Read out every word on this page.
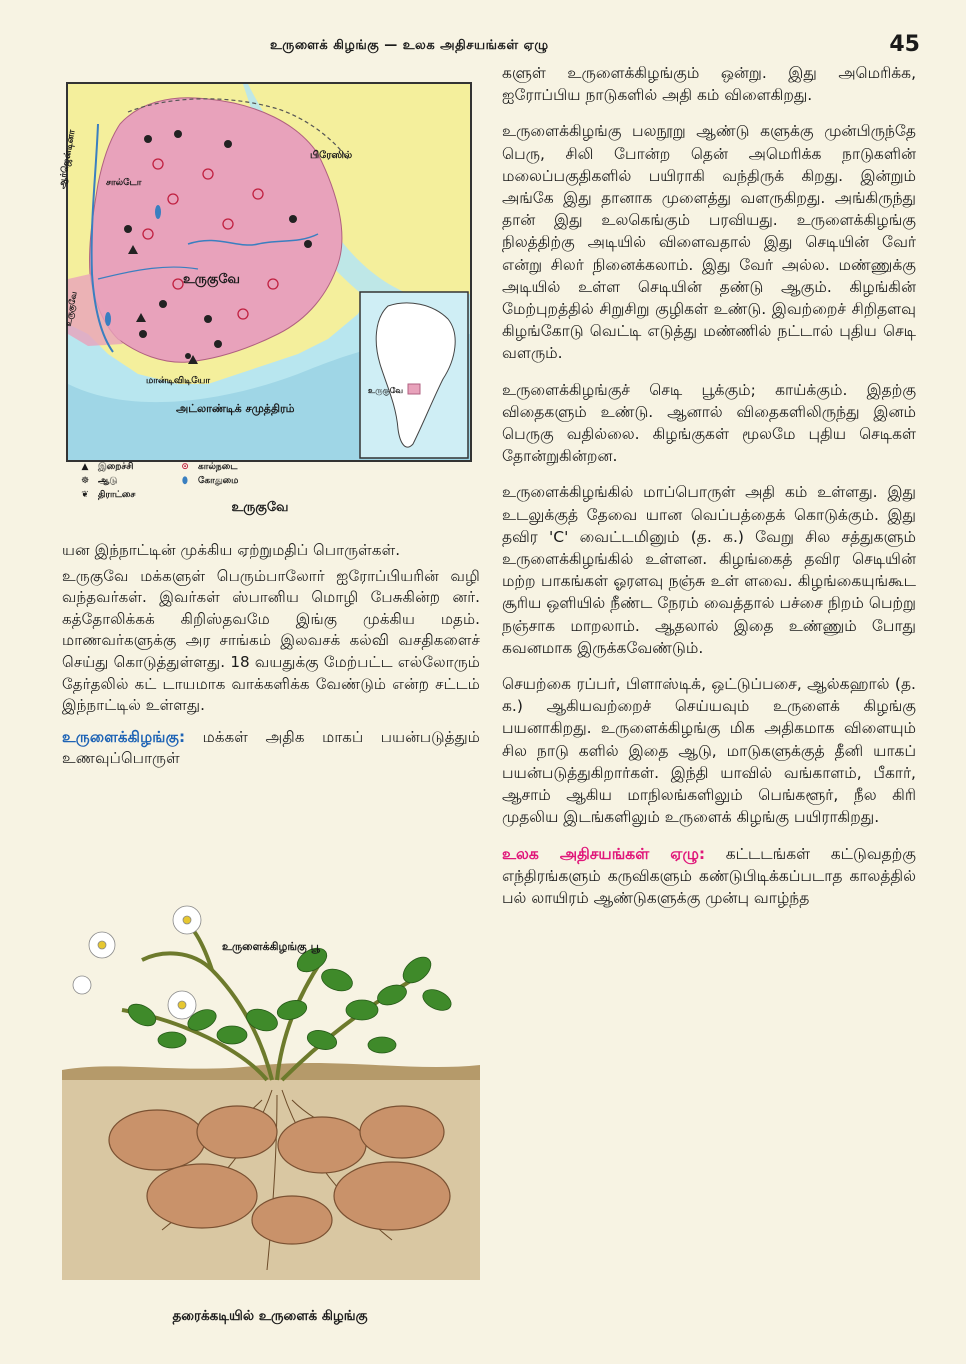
உருளைக் கிழங்கு — உலக அதிசயங்கள் ஏழு	45
பிரேஸில்
ஆர்ஜென்டினா	சால்டோ
உருகுவே
உருகுவே
மான்டிவிடியோ
அட்லாண்டிக் சமுத்திரம்
உருகுவே
▲ இறைச்சி
☸ ஆடு
❦ திராட்சை
⊙ கால்நடை
⬮ கோதுமை
உருகுவே

யன இந்நாட்டின் முக்கிய ஏற்றுமதிப் பொருள்கள்.

உருகுவே மக்களுள் பெரும்பாலோர் ஐரோப்பியரின் வழி வந்தவர்கள். இவர்கள் ஸ்பானிய மொழி பேசுகின்ற னர். கத்தோலிக்கக் கிறிஸ்தவமே இங்கு முக்கிய மதம். மாணவர்களுக்கு அர சாங்கம் இலவசக் கல்வி வசதிகளைச் செய்து கொடுத்துள்ளது. 18 வயதுக்கு மேற்பட்ட எல்லோரும் தேர்தலில் கட் டாயமாக வாக்களிக்க வேண்டும் என்ற சட்டம் இந்நாட்டில் உள்ளது.

உருளைக்கிழங்கு: மக்கள் அதிக மாகப் பயன்படுத்தும் உணவுப்பொருள்

உருளைக்கிழங்கு பூ
தரைக்கடியில் உருளைக் கிழங்கு

களுள் உருளைக்கிழங்கும் ஒன்று. இது அமெரிக்க, ஐரோப்பிய நாடுகளில் அதி கம் விளைகிறது.

உருளைக்கிழங்கு பலநூறு ஆண்டு களுக்கு முன்பிருந்தே பெரு, சிலி போன்ற தென் அமெரிக்க நாடுகளின் மலைப்பகுதிகளில் பயிராகி வந்திருக் கிறது. இன்றும் அங்கே இது தானாக முளைத்து வளருகிறது. அங்கிருந்து தான் இது உலகெங்கும் பரவியது. உருளைக்கிழங்கு நிலத்திற்கு அடியில் விளைவதால் இது செடியின் வேர் என்று சிலர் நினைக்கலாம். இது வேர் அல்ல. மண்ணுக்கு அடியில் உள்ள செடியின் தண்டு ஆகும். கிழங்கின் மேற்புறத்தில் சிறுசிறு குழிகள் உண்டு. இவற்றைச் சிறிதளவு கிழங்கோடு வெட்டி எடுத்து மண்ணில் நட்டால் புதிய செடி வளரும்.

உருளைக்கிழங்குச் செடி பூக்கும்; காய்க்கும். இதற்கு விதைகளும் உண்டு. ஆனால் விதைகளிலிருந்து இனம் பெருகு வதில்லை. கிழங்குகள் மூலமே புதிய செடிகள் தோன்றுகின்றன.

உருளைக்கிழங்கில் மாப்பொருள் அதி கம் உள்ளது. இது உடலுக்குத் தேவை யான வெப்பத்தைக் கொடுக்கும். இது தவிர 'C' வைட்டமினும் (த. க.) வேறு சில சத்துகளும் உருளைக்கிழங்கில் உள்ளன. கிழங்கைத் தவிர செடியின் மற்ற பாகங்கள் ஓரளவு நஞ்சு உள் ளவை. கிழங்கையுங்கூட சூரிய ஒளியில் நீண்ட நேரம் வைத்தால் பச்சை நிறம் பெற்று நஞ்சாக மாறலாம். ஆதலால் இதை உண்ணும் போது கவனமாக இருக்கவேண்டும்.

செயற்கை ரப்பர், பிளாஸ்டிக், ஒட்டுப்பசை, ஆல்கஹால் (த. க.) ஆகியவற்றைச் செய்யவும் உருளைக் கிழங்கு பயனாகிறது. உருளைக்கிழங்கு மிக அதிகமாக விளையும் சில நாடு களில் இதை ஆடு, மாடுகளுக்குத் தீனி யாகப் பயன்படுத்துகிறார்கள். இந்தி யாவில் வங்காளம், பீகார், ஆசாம் ஆகிய மாநிலங்களிலும் பெங்களூர், நீல கிரி முதலிய இடங்களிலும் உருளைக் கிழங்கு பயிராகிறது.

உலக அதிசயங்கள் ஏழு: கட்டடங்கள் கட்டுவதற்கு எந்திரங்களும் கருவிகளும் கண்டுபிடிக்கப்படாத காலத்தில் பல் லாயிரம் ஆண்டுகளுக்கு முன்பு வாழ்ந்த
